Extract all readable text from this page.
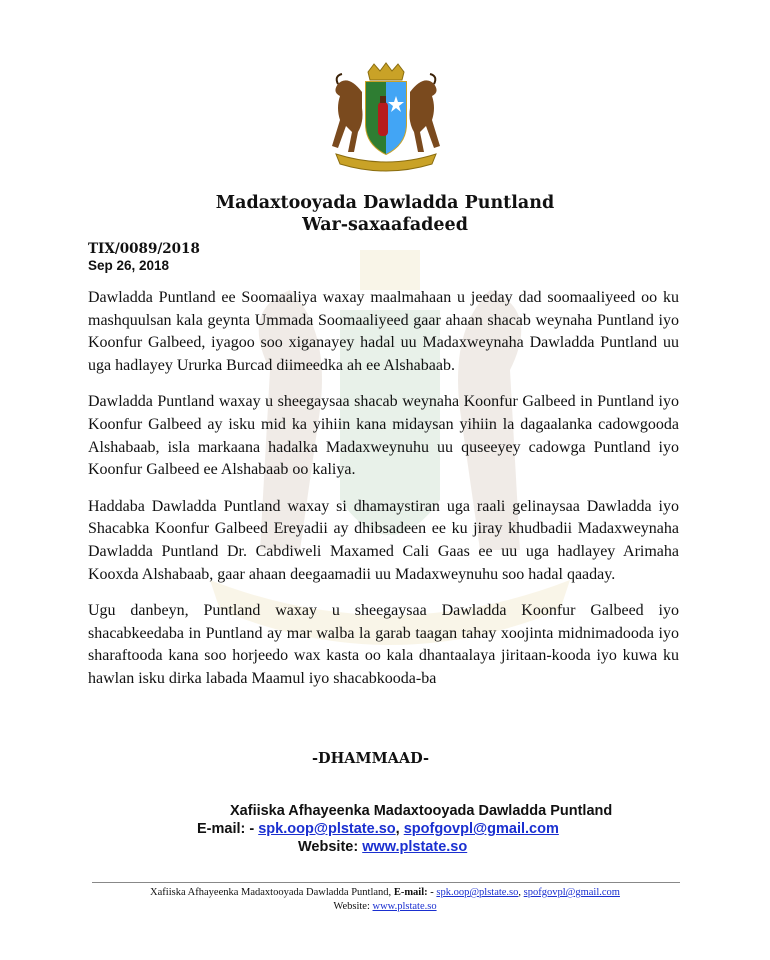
Madaxtooyada Dawladda Puntland
War-saxaafadeed
TIX/0089/2018
Sep 26, 2018

Dawladda Puntland ee Soomaaliya waxay maalmahaan u jeeday dad soomaaliyeed oo ku mashquulsan kala geynta Ummada Soomaaliyeed gaar ahaan shacab weynaha Puntland iyo Koonfur Galbeed, iyagoo soo xiganayey hadal uu Madaxweynaha Dawladda Puntland uu uga hadlayey Ururka Burcad diimeedka ah ee Alshabaab.

Dawladda Puntland waxay u sheegaysaa shacab weynaha Koonfur Galbeed in Puntland iyo Koonfur Galbeed ay isku mid ka yihiin kana midaysan yihiin la dagaalanka cadowgooda Alshabaab, isla markaana hadalka Madaxweynuhu uu quseeyey cadowga Puntland iyo Koonfur Galbeed ee Alshabaab oo kaliya.

Haddaba Dawladda Puntland waxay si dhamaystiran uga raali gelinaysaa Dawladda iyo Shacabka Koonfur Galbeed Ereyadii ay dhibsadeen ee ku jiray khudbadii Madaxweynaha Dawladda Puntland Dr. Cabdiweli Maxamed Cali Gaas ee uu uga hadlayey Arimaha Kooxda Alshabaab, gaar ahaan deegaamadii uu Madaxweynuhu soo hadal qaaday.

Ugu danbeyn, Puntland waxay u sheegaysaa Dawladda Koonfur Galbeed iyo shacabkeedaba in Puntland ay mar walba la garab taagan tahay xoojinta midnimadooda iyo sharaftooda kana soo horjeedo wax kasta oo kala dhantaalaya jiritaan-kooda iyo kuwa ku hawlan isku dirka labada Maamul iyo shacabkooda-ba

-DHAMMAAD-
Xafiiska Afhayeenka Madaxtooyada Dawladda Puntland
E-mail: - spk.oop@plstate.so, spofgovpl@gmail.com
Website: www.plstate.so
Xafiiska Afhayeenka Madaxtooyada Dawladda Puntland, E-mail: - spk.oop@plstate.so, spofgovpl@gmail.com
Website: www.plstate.so
